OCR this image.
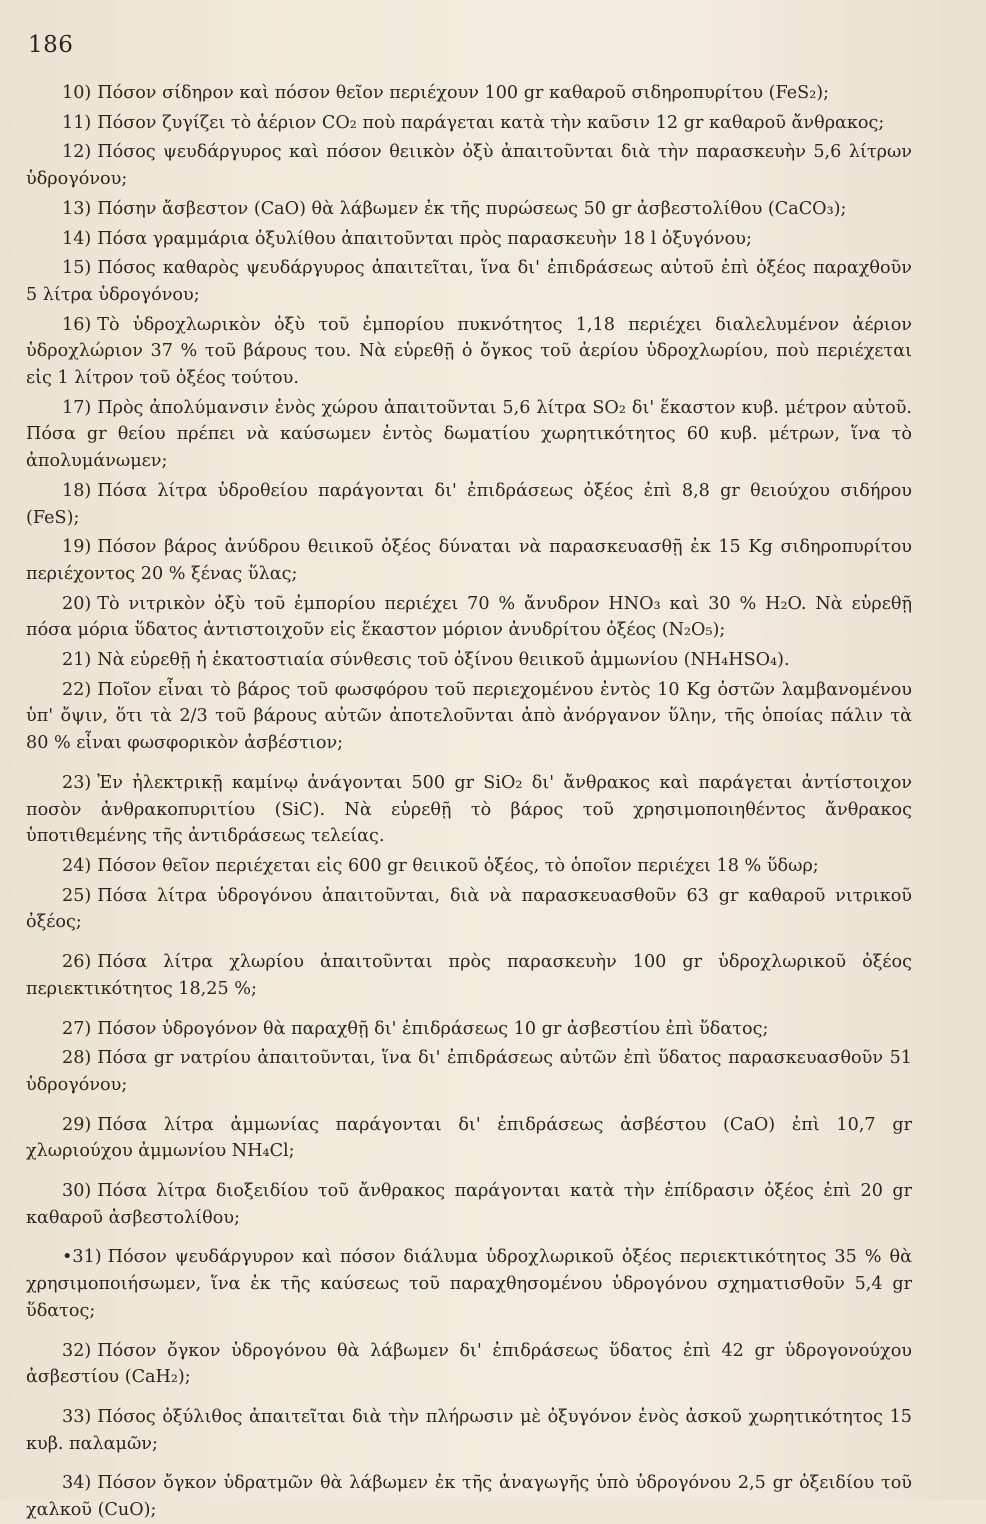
186
10) Πόσον σίδηρον καὶ πόσον θεῖον περιέχουν 100 gr καθαροῦ σιδηροπυρίτου (FeS₂);
11) Πόσον ζυγίζει τὸ ἀέριον CO₂ ποὺ παράγεται κατὰ τὴν καῦσιν 12 gr καθαροῦ ἄνθρακος;
12) Πόσος ψευδάργυρος καὶ πόσον θειικὸν ὀξὺ ἀπαιτοῦνται διὰ τὴν παρασκευὴν 5,6 λίτρων ὑδρογόνου;
13) Πόσην ἄσβεστον (CaO) θὰ λάβωμεν ἐκ τῆς πυρώσεως 50 gr ἀσβεστολίθου (CaCO₃);
14) Πόσα γραμμάρια ὀξυλίθου ἀπαιτοῦνται πρὸς παρασκευὴν 18 l ὀξυγόνου;
15) Πόσος καθαρὸς ψευδάργυρος ἀπαιτεῖται, ἵνα δι' ἐπιδράσεως αὐτοῦ ἐπὶ ὀξέος παραχθοῦν 5 λίτρα ὑδρογόνου;
16) Τὸ ὑδροχλωρικὸν ὀξὺ τοῦ ἐμπορίου πυκνότητος 1,18 περιέχει διαλελυμένον ἀέριον ὑδροχλώριον 37 % τοῦ βάρους του. Νὰ εὑρεθῇ ὁ ὄγκος τοῦ ἀερίου ὑδροχλωρίου, ποὺ περιέχεται εἰς 1 λίτρον τοῦ ὀξέος τούτου.
17) Πρὸς ἀπολύμανσιν ἑνὸς χώρου ἀπαιτοῦνται 5,6 λίτρα SO₂ δι' ἕκαστον κυβ. μέτρον αὐτοῦ. Πόσα gr θείου πρέπει νὰ καύσωμεν ἐντὸς δωματίου χωρητικότητος 60 κυβ. μέτρων, ἵνα τὸ ἀπολυμάνωμεν;
18) Πόσα λίτρα ὑδροθείου παράγονται δι' ἐπιδράσεως ὀξέος ἐπὶ 8,8 gr θειούχου σιδήρου (FeS);
19) Πόσον βάρος ἀνύδρου θειικοῦ ὀξέος δύναται νὰ παρασκευασθῇ ἐκ 15 Kg σιδηροπυρίτου περιέχοντος 20 % ξένας ὕλας;
20) Τὸ νιτρικὸν ὀξὺ τοῦ ἐμπορίου περιέχει 70 % ἄνυδρον HNO₃ καὶ 30 % H₂O. Νὰ εὑρεθῇ πόσα μόρια ὕδατος ἀντιστοιχοῦν εἰς ἕκαστον μόριον ἀνυδρίτου ὀξέος (N₂O₅);
21) Νὰ εὑρεθῇ ἡ ἑκατοστιαία σύνθεσις τοῦ ὀξίνου θειικοῦ ἀμμωνίου (NH₄HSO₄).
22) Ποῖον εἶναι τὸ βάρος τοῦ φωσφόρου τοῦ περιεχομένου ἐντὸς 10 Kg ὀστῶν λαμβανομένου ὑπ' ὄψιν, ὅτι τὰ 2/3 τοῦ βάρους αὐτῶν ἀποτελοῦνται ἀπὸ ἀνόργανον ὕλην, τῆς ὁποίας πάλιν τὰ 80 % εἶναι φωσφορικὸν ἀσβέστιον;
23) Ἐν ἠλεκτρικῇ καμίνῳ ἀνάγονται 500 gr SiO₂ δι' ἄνθρακος καὶ παράγεται ἀντίστοιχον ποσὸν ἀνθρακοπυριτίου (SiC). Νὰ εὑρεθῇ τὸ βάρος τοῦ χρησιμοποιηθέντος ἄνθρακος ὑποτιθεμένης τῆς ἀντιδράσεως τελείας.
24) Πόσον θεῖον περιέχεται εἰς 600 gr θειικοῦ ὀξέος, τὸ ὁποῖον περιέχει 18 % ὕδωρ;
25) Πόσα λίτρα ὑδρογόνου ἀπαιτοῦνται, διὰ νὰ παρασκευασθοῦν 63 gr καθαροῦ νιτρικοῦ ὀξέος;
26) Πόσα λίτρα χλωρίου ἀπαιτοῦνται πρὸς παρασκευὴν 100 gr ὑδροχλωρικοῦ ὀξέος περιεκτικότητος 18,25 %;
27) Πόσον ὑδρογόνον θὰ παραχθῇ δι' ἐπιδράσεως 10 gr ἀσβεστίου ἐπὶ ὕδατος;
28) Πόσα gr νατρίου ἀπαιτοῦνται, ἵνα δι' ἐπιδράσεως αὐτῶν ἐπὶ ὕδατος παρασκευασθοῦν 51 ὑδρογόνου;
29) Πόσα λίτρα ἀμμωνίας παράγονται δι' ἐπιδράσεως ἀσβέστου (CaO) ἐπὶ 10,7 gr χλωριούχου ἀμμωνίου NH₄Cl;
30) Πόσα λίτρα διοξειδίου τοῦ ἄνθρακος παράγονται κατὰ τὴν ἐπίδρασιν ὀξέος ἐπὶ 20 gr καθαροῦ ἀσβεστολίθου;
•31) Πόσον ψευδάργυρον καὶ πόσον διάλυμα ὑδροχλωρικοῦ ὀξέος περιεκτικότητος 35 % θὰ χρησιμοποιήσωμεν, ἵνα ἐκ τῆς καύσεως τοῦ παραχθησομένου ὑδρογόνου σχηματισθοῦν 5,4 gr ὕδατος;
32) Πόσον ὄγκον ὑδρογόνου θὰ λάβωμεν δι' ἐπιδράσεως ὕδατος ἐπὶ 42 gr ὑδρογονούχου ἀσβεστίου (CaH₂);
33) Πόσος ὀξύλιθος ἀπαιτεῖται διὰ τὴν πλήρωσιν μὲ ὀξυγόνον ἑνὸς ἀσκοῦ χωρητικότητος 15 κυβ. παλαμῶν;
34) Πόσον ὄγκον ὑδρατμῶν θὰ λάβωμεν ἐκ τῆς ἀναγωγῆς ὑπὸ ὑδρογόνου 2,5 gr ὀξειδίου τοῦ χαλκοῦ (CuO);
